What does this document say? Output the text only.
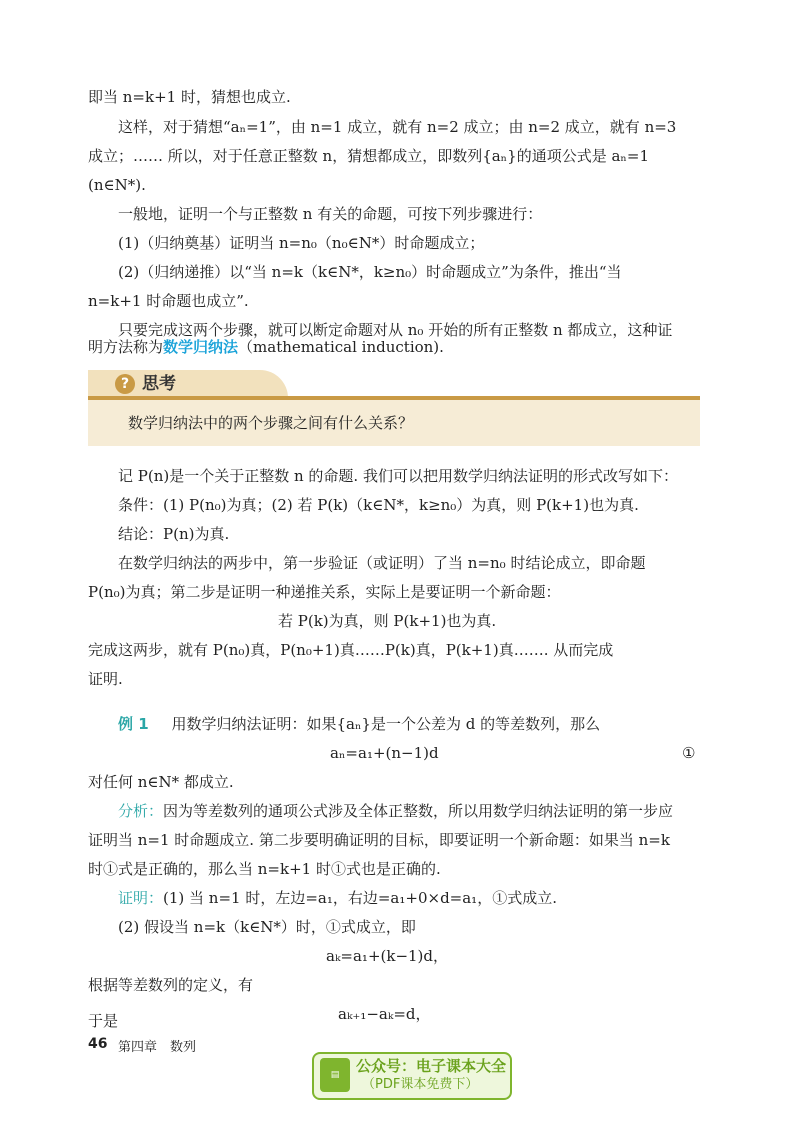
即当 n=k+1 时，猜想也成立.
这样，对于猜想“aₙ=1”，由 n=1 成立，就有 n=2 成立；由 n=2 成立，就有 n=3
成立；…… 所以，对于任意正整数 n，猜想都成立，即数列{aₙ}的通项公式是 aₙ=1
(n∈N*).
一般地，证明一个与正整数 n 有关的命题，可按下列步骤进行：
(1)（归纳奠基）证明当 n=n₀（n₀∈N*）时命题成立；
(2)（归纳递推）以“当 n=k（k∈N*，k≥n₀）时命题成立”为条件，推出“当
n=k+1 时命题也成立”.
只要完成这两个步骤，就可以断定命题对从 n₀ 开始的所有正整数 n 都成立，这种证
明方法称为数学归纳法（mathematical induction).
? 思考
数学归纳法中的两个步骤之间有什么关系？
记 P(n)是一个关于正整数 n 的命题. 我们可以把用数学归纳法证明的形式改写如下：
条件：(1) P(n₀)为真；(2) 若 P(k)（k∈N*，k≥n₀）为真，则 P(k+1)也为真.
结论：P(n)为真.
在数学归纳法的两步中，第一步验证（或证明）了当 n=n₀ 时结论成立，即命题
P(n₀)为真；第二步是证明一种递推关系，实际上是要证明一个新命题：
若 P(k)为真，则 P(k+1)也为真.
完成这两步，就有 P(n₀)真，P(n₀+1)真……P(k)真，P(k+1)真……. 从而完成
证明.
例 1 用数学归纳法证明：如果{aₙ}是一个公差为 d 的等差数列，那么
aₙ=a₁+(n−1)d	①
对任何 n∈N* 都成立.
分析：因为等差数列的通项公式涉及全体正整数，所以用数学归纳法证明的第一步应
证明当 n=1 时命题成立. 第二步要明确证明的目标，即要证明一个新命题：如果当 n=k
时①式是正确的，那么当 n=k+1 时①式也是正确的.
证明：(1) 当 n=1 时，左边=a₁，右边=a₁+0×d=a₁，①式成立.
(2) 假设当 n=k（k∈N*）时，①式成立，即
aₖ=a₁+(k−1)d，
根据等差数列的定义，有
aₖ₊₁−aₖ=d，
于是
46 第四章　数列
▤	公众号：电子课本大全
（PDF课本免费下）
